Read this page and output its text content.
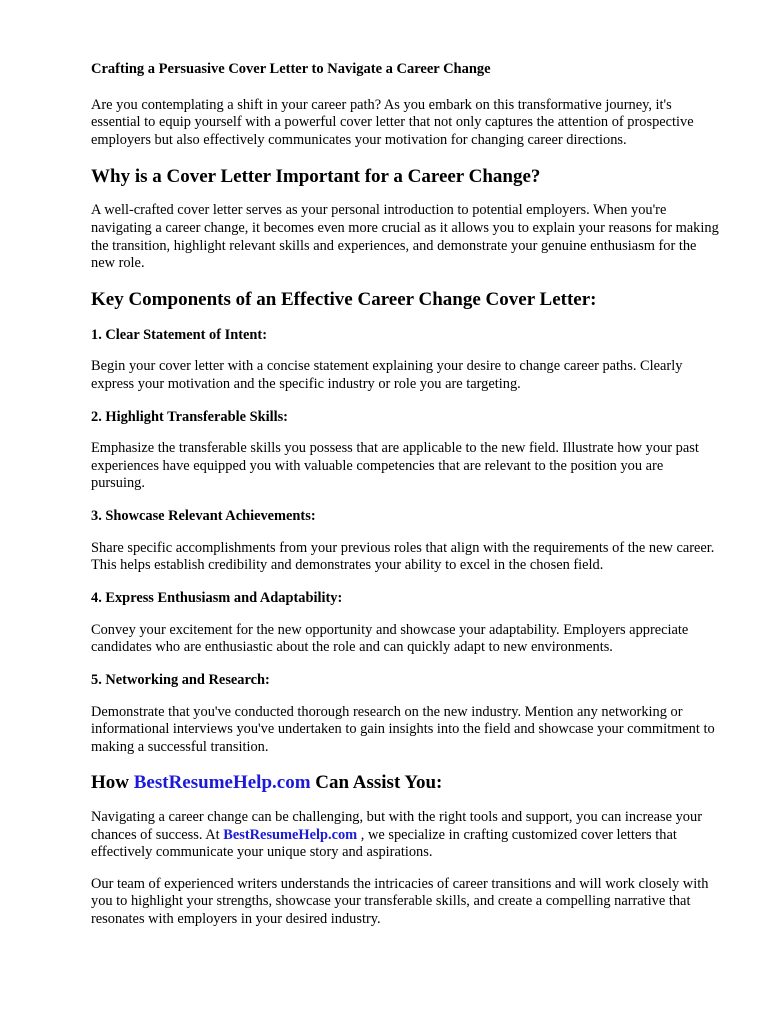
Crafting a Persuasive Cover Letter to Navigate a Career Change

Are you contemplating a shift in your career path? As you embark on this transformative journey, it's essential to equip yourself with a powerful cover letter that not only captures the attention of prospective employers but also effectively communicates your motivation for changing career directions.

Why is a Cover Letter Important for a Career Change?

A well-crafted cover letter serves as your personal introduction to potential employers. When you're navigating a career change, it becomes even more crucial as it allows you to explain your reasons for making the transition, highlight relevant skills and experiences, and demonstrate your genuine enthusiasm for the new role.

Key Components of an Effective Career Change Cover Letter:
1. Clear Statement of Intent:

Begin your cover letter with a concise statement explaining your desire to change career paths. Clearly express your motivation and the specific industry or role you are targeting.

2. Highlight Transferable Skills:

Emphasize the transferable skills you possess that are applicable to the new field. Illustrate how your past experiences have equipped you with valuable competencies that are relevant to the position you are pursuing.

3. Showcase Relevant Achievements:

Share specific accomplishments from your previous roles that align with the requirements of the new career. This helps establish credibility and demonstrates your ability to excel in the chosen field.

4. Express Enthusiasm and Adaptability:

Convey your excitement for the new opportunity and showcase your adaptability. Employers appreciate candidates who are enthusiastic about the role and can quickly adapt to new environments.

5. Networking and Research:

Demonstrate that you've conducted thorough research on the new industry. Mention any networking or informational interviews you've undertaken to gain insights into the field and showcase your commitment to making a successful transition.

How BestResumeHelp.com Can Assist You:

Navigating a career change can be challenging, but with the right tools and support, you can increase your chances of success. At BestResumeHelp.com , we specialize in crafting customized cover letters that effectively communicate your unique story and aspirations.

Our team of experienced writers understands the intricacies of career transitions and will work closely with you to highlight your strengths, showcase your transferable skills, and create a compelling narrative that resonates with employers in your desired industry.
